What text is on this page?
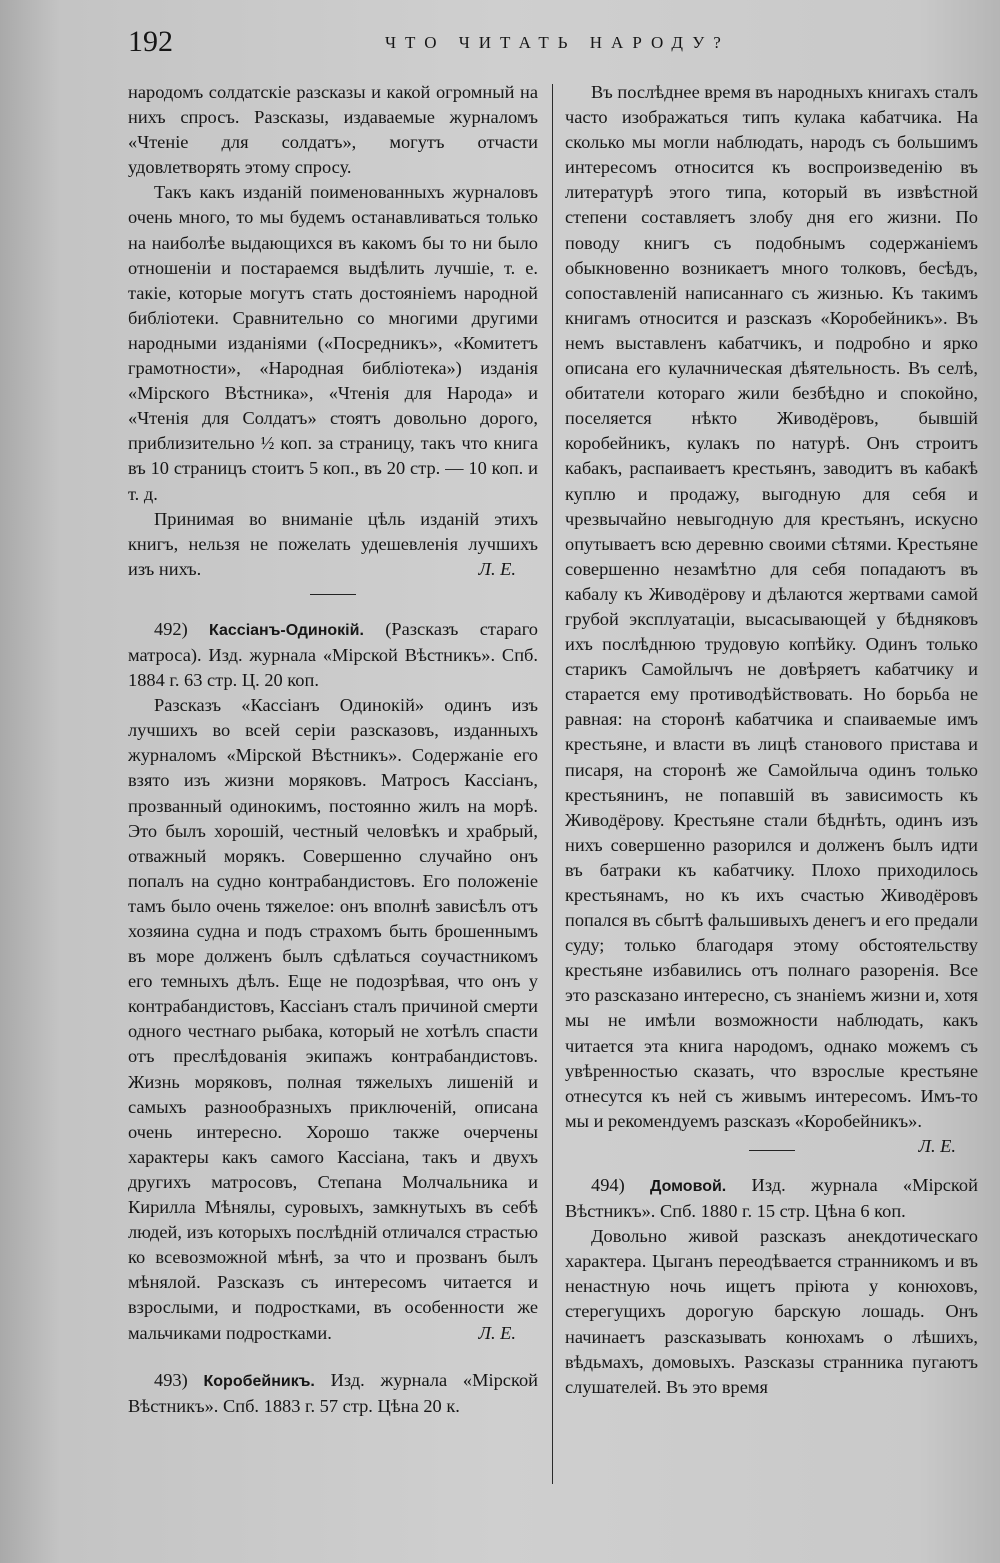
192	ЧТО ЧИТАТЬ НАРОДУ?

народомъ солдатскіе разсказы и какой огромный на нихъ спросъ. Разсказы, издаваемые журналомъ «Чтеніе для солдатъ», могутъ отчасти удовлетворять этому спросу.

Такъ какъ изданій поименованныхъ журналовъ очень много, то мы будемъ останавливаться только на наиболѣе выдающихся въ какомъ бы то ни было отношеніи и постараемся выдѣлить лучшіе, т. е. такіе, которые могутъ стать достояніемъ народной библіотеки. Сравнительно со многими другими народными изданіями («Посредникъ», «Комитетъ грамотности», «Народная библіотека») изданія «Мірского Вѣстника», «Чтенія для Народа» и «Чтенія для Солдатъ» стоятъ довольно дорого, приблизительно ½ коп. за страницу, такъ что книга въ 10 страницъ стоитъ 5 коп., въ 20 стр. — 10 коп. и т. д.

Принимая во вниманіе цѣль изданій этихъ книгъ, нельзя не пожелать удешевленія лучшихъ изъ нихъ.	Л. Е.

492) Кассіанъ-Одинокій. (Разсказъ стараго матроса). Изд. журнала «Мірской Вѣстникъ». Спб. 1884 г. 63 стр. Ц. 20 коп.

Разсказъ «Кассіанъ Одинокій» одинъ изъ лучшихъ во всей серіи разсказовъ, изданныхъ журналомъ «Мірской Вѣстникъ». Содержаніе его взято изъ жизни моряковъ. Матросъ Кассіанъ, прозванный одинокимъ, постоянно жилъ на морѣ. Это былъ хорошій, честный человѣкъ и храбрый, отважный морякъ. Совершенно случайно онъ попалъ на судно контрабандистовъ. Его положеніе тамъ было очень тяжелое: онъ вполнѣ зависѣлъ отъ хозяина судна и подъ страхомъ быть брошеннымъ въ море долженъ былъ сдѣлаться соучастникомъ его темныхъ дѣлъ. Еще не подозрѣвая, что онъ у контрабандистовъ, Кассіанъ сталъ причиной смерти одного честнаго рыбака, который не хотѣлъ спасти отъ преслѣдованія экипажъ контрабандистовъ. Жизнь моряковъ, полная тяжелыхъ лишеній и самыхъ разнообразныхъ приключеній, описана очень интересно. Хорошо также очерчены характеры какъ самого Кассіана, такъ и двухъ другихъ матросовъ, Степана Молчальника и Кирилла Мѣнялы, суровыхъ, замкнутыхъ въ себѣ людей, изъ которыхъ послѣдній отличался страстью ко всевозможной мѣнѣ, за что и прозванъ былъ мѣнялой. Разсказъ съ интересомъ читается и взрослыми, и подростками, въ особенности же мальчиками подростками.	Л. Е.

493) Коробейникъ. Изд. журнала «Мірской Вѣстникъ». Спб. 1883 г. 57 стр. Цѣна 20 к.

Въ послѣднее время въ народныхъ книгахъ сталъ часто изображаться типъ кулака кабатчика. На сколько мы могли наблюдать, народъ съ большимъ интересомъ относится къ воспроизведенію въ литературѣ этого типа, который въ извѣстной степени составляетъ злобу дня его жизни. По поводу книгъ съ подобнымъ содержаніемъ обыкновенно возникаетъ много толковъ, бесѣдъ, сопоставленій написаннаго съ жизнью. Къ такимъ книгамъ относится и разсказъ «Коробейникъ». Въ немъ выставленъ кабатчикъ, и подробно и ярко описана его кулачническая дѣятельность. Въ селѣ, обитатели котораго жили безбѣдно и спокойно, поселяется нѣкто Живодёровъ, бывшій коробейникъ, кулакъ по натурѣ. Онъ строитъ кабакъ, распаиваетъ крестьянъ, заводитъ въ кабакѣ куплю и продажу, выгодную для себя и чрезвычайно невыгодную для крестьянъ, искусно опутываетъ всю деревню своими сѣтями. Крестьяне совершенно незамѣтно для себя попадаютъ въ кабалу къ Живодёрову и дѣлаются жертвами самой грубой эксплуатаціи, высасывающей у бѣдняковъ ихъ послѣднюю трудовую копѣйку. Одинъ только старикъ Самойлычъ не довѣряетъ кабатчику и старается ему противодѣйствовать. Но борьба не равная: на сторонѣ кабатчика и спаиваемые имъ крестьяне, и власти въ лицѣ станового пристава и писаря, на сторонѣ же Самойлыча одинъ только крестьянинъ, не попавшій въ зависимость къ Живодёрову. Крестьяне стали бѣднѣть, одинъ изъ нихъ совершенно разорился и долженъ былъ идти въ батраки къ кабатчику. Плохо приходилось крестьянамъ, но къ ихъ счастью Живодёровъ попался въ сбытѣ фальшивыхъ денегъ и его предали суду; только благодаря этому обстоятельству крестьяне избавились отъ полнаго разоренія. Все это разсказано интересно, съ знаніемъ жизни и, хотя мы не имѣли возможности наблюдать, какъ читается эта книга народомъ, однако можемъ съ увѣренностью сказать, что взрослые крестьяне отнесутся къ ней съ живымъ интересомъ. Имъ-то мы и рекомендуемъ разсказъ «Коробейникъ».
Л. Е.

494) Домовой. Изд. журнала «Мірской Вѣстникъ». Спб. 1880 г. 15 стр. Цѣна 6 коп.

Довольно живой разсказъ анекдотическаго характера. Цыганъ переодѣвается странникомъ и въ ненастную ночь ищетъ пріюта у конюховъ, стерегущихъ дорогую барскую лошадь. Онъ начинаетъ разсказывать конюхамъ о лѣшихъ, вѣдьмахъ, домовыхъ. Разсказы странника пугаютъ слушателей. Въ это время
